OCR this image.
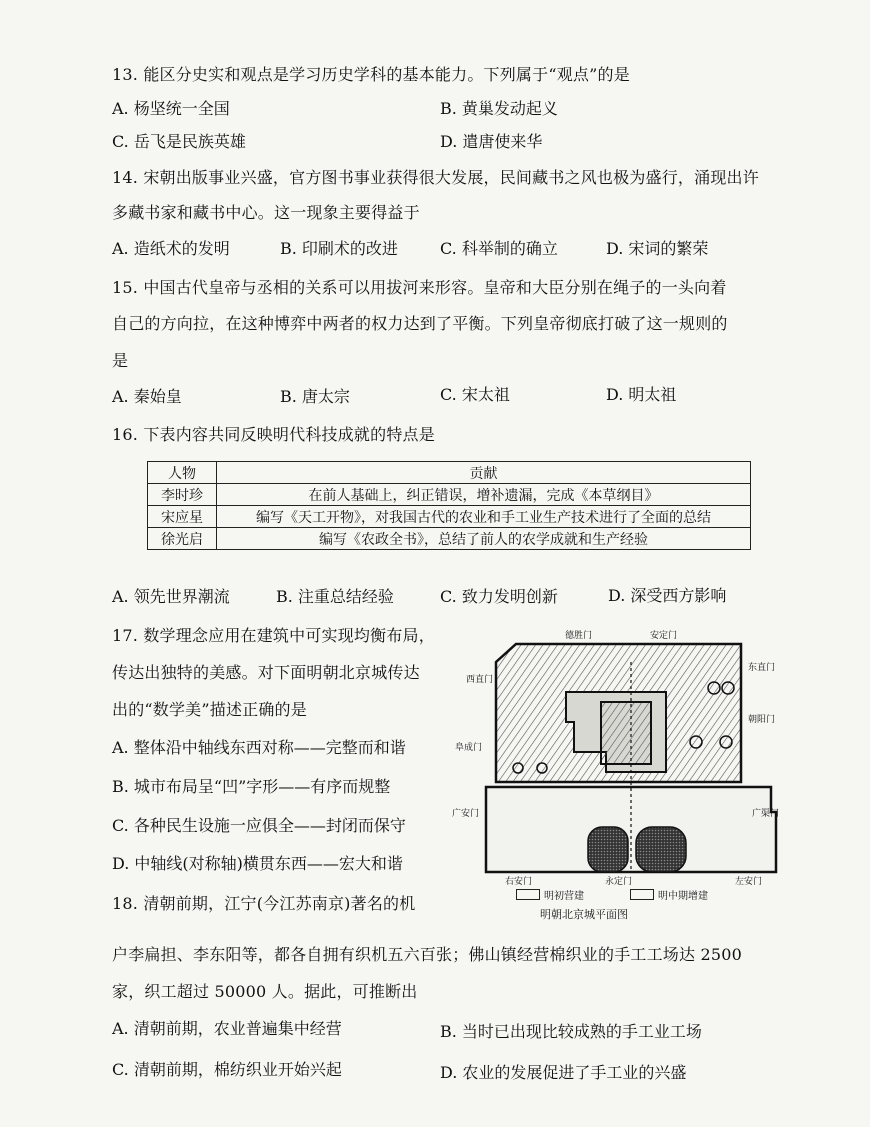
13. 能区分史实和观点是学习历史学科的基本能力。下列属于“观点”的是
A. 杨坚统一全国	B. 黄巢发动起义
C. 岳飞是民族英雄	D. 遣唐使来华
14. 宋朝出版事业兴盛，官方图书事业获得很大发展，民间藏书之风也极为盛行，涌现出许
多藏书家和藏书中心。这一现象主要得益于
A. 造纸术的发明	B. 印刷术的改进	C. 科举制的确立	D. 宋词的繁荣
15. 中国古代皇帝与丞相的关系可以用拔河来形容。皇帝和大臣分别在绳子的一头向着
自己的方向拉，在这种博弈中两者的权力达到了平衡。下列皇帝彻底打破了这一规则的
是
A. 秦始皇	B. 唐太宗	C. 宋太祖	D. 明太祖
16. 下表内容共同反映明代科技成就的特点是
人物	贡献
李时珍	在前人基础上，纠正错误，增补遗漏，完成《本草纲目》
宋应星	编写《天工开物》，对我国古代的农业和手工业生产技术进行了全面的总结
徐光启	编写《农政全书》，总结了前人的农学成就和生产经验
A. 领先世界潮流	B. 注重总结经验	C. 致力发明创新	D. 深受西方影响
17. 数学理念应用在建筑中可实现均衡布局，
传达出独特的美感。对下面明朝北京城传达
出的“数学美”描述正确的是
A. 整体沿中轴线东西对称——完整而和谐
B. 城市布局呈“凹”字形——有序而规整
C. 各种民生设施一应俱全——封闭而保守
D. 中轴线(对称轴)横贯东西——宏大和谐
德胜门	安定门
东直门
朝阳门
阜成门
西直门
广渠门
广安门
左安门
永定门
右安门
明初营建	明中期增建
明朝北京城平面图
18. 清朝前期，江宁(今江苏南京)著名的机
户李扁担、李东阳等，都各自拥有织机五六百张；佛山镇经营棉织业的手工工场达 2500
家，织工超过 50000 人。据此，可推断出
A. 清朝前期，农业普遍集中经营	B. 当时已出现比较成熟的手工业工场
C. 清朝前期，棉纺织业开始兴起	D. 农业的发展促进了手工业的兴盛
